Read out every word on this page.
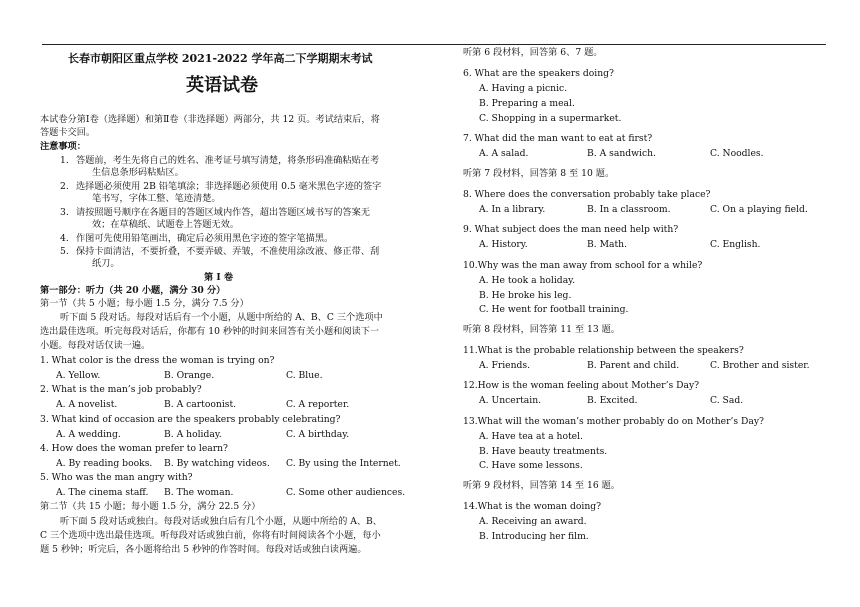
长春市朝阳区重点学校 2021-2022 学年高二下学期期末考试
英语试卷
本试卷分第Ⅰ卷（选择题）和第Ⅱ卷（非选择题）两部分，共 12 页。考试结束后，将
答题卡交回。
注意事项：
1. 答题前，考生先将自己的姓名、准考证号填写清楚，将条形码准确粘贴在考
生信息条形码粘贴区。
2. 选择题必须使用 2B 铅笔填涂；非选择题必须使用 0.5 毫米黑色字迹的签字
笔书写，字体工整、笔迹清楚。
3. 请按照题号顺序在各题目的答题区域内作答，超出答题区域书写的答案无
效；在草稿纸、试题卷上答题无效。
4. 作图可先使用铅笔画出，确定后必须用黑色字迹的签字笔描黑。
5. 保持卡面清洁，不要折叠，不要弄破、弄皱，不准使用涂改液、修正带、刮
纸刀。
第 Ⅰ 卷
第一部分：听力（共 20 小题，满分 30 分）
第一节（共 5 小题；每小题 1.5 分，满分 7.5 分）
听下面 5 段对话。每段对话后有一个小题，从题中所给的 A、B、C 三个选项中
选出最佳选项。听完每段对话后，你都有 10 秒钟的时间来回答有关小题和阅读下一
小题。每段对话仅读一遍。
1. What color is the dress the woman is trying on?
A. Yellow.	B. Orange.	C. Blue.
2. What is the man’s job probably?
A. A novelist.	B. A cartoonist.	C. A reporter.
3. What kind of occasion are the speakers probably celebrating?
A. A wedding.	B. A holiday.	C. A birthday.
4. How does the woman prefer to learn?
A. By reading books. B. By watching videos. C. By using the Internet.
5. Who was the man angry with?
A. The cinema staff. B. The woman.	C. Some other audiences.
第二节（共 15 小题；每小题 1.5 分，满分 22.5 分）
听下面 5 段对话或独白。每段对话或独白后有几个小题，从题中所给的 A、B、
C 三个选项中选出最佳选项。听每段对话或独白前，你将有时间阅读各个小题，每小
题 5 秒钟；听完后，各小题将给出 5 秒钟的作答时间。每段对话或独白读两遍。
听第 6 段材料，回答第 6、7 题。
6. What are the speakers doing?
A. Having a picnic.
B. Preparing a meal.
C. Shopping in a supermarket.
7. What did the man want to eat at first?
A. A salad.	B. A sandwich.	C. Noodles.
听第 7 段材料，回答第 8 至 10 题。
8. Where does the conversation probably take place?
A. In a library.	B. In a classroom.	C. On a playing field.
9. What subject does the man need help with?
A. History.	B. Math.	C. English.
10.Why was the man away from school for a while?
A. He took a holiday.
B. He broke his leg.
C. He went for football training.
听第 8 段材料，回答第 11 至 13 题。
11.What is the probable relationship between the speakers?
A. Friends.	B. Parent and child.	C. Brother and sister.
12.How is the woman feeling about Mother’s Day?
A. Uncertain.	B. Excited.	C. Sad.
13.What will the woman’s mother probably do on Mother’s Day?
A. Have tea at a hotel.
B. Have beauty treatments.
C. Have some lessons.
听第 9 段材料，回答第 14 至 16 题。
14.What is the woman doing?
A. Receiving an award.
B. Introducing her film.
